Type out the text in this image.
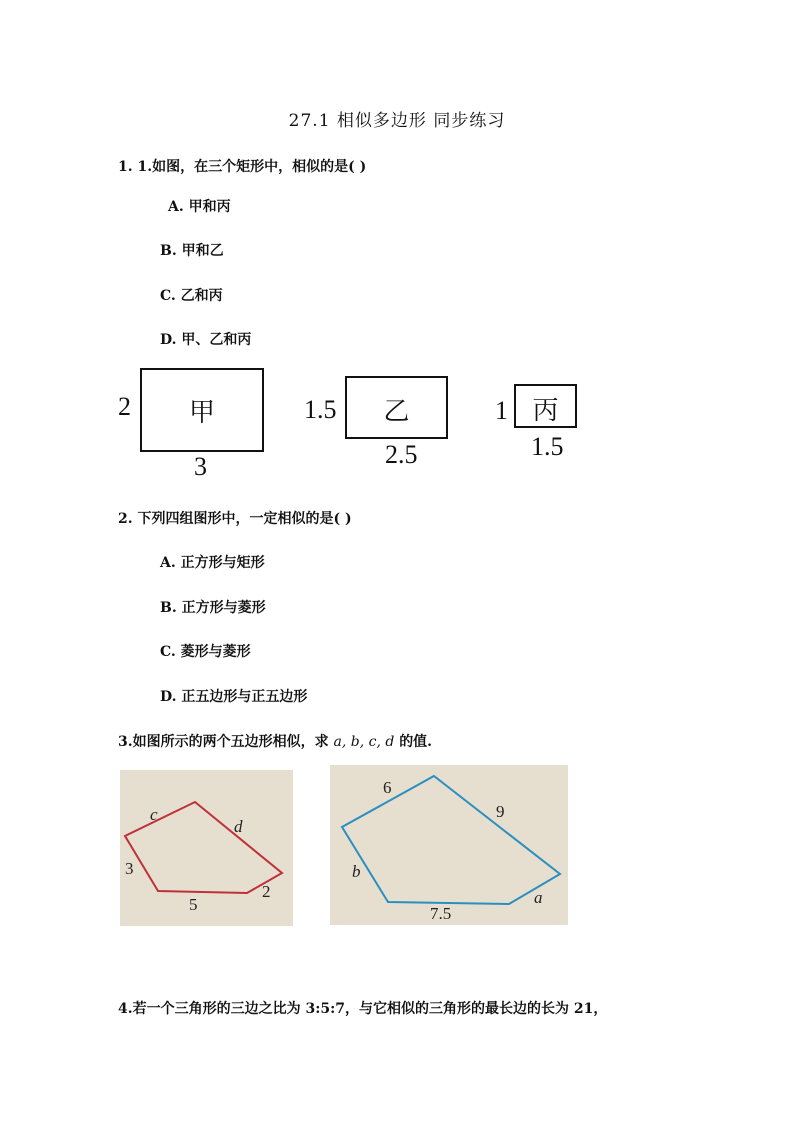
27.1 相似多边形 同步练习
1. 1.如图，在三个矩形中，相似的是( )
A. 甲和丙
B. 甲和乙
C. 乙和丙
D. 甲、乙和丙
甲
2
3
乙
1.5
2.5
丙
1
1.5
2. 下列四组图形中，一定相似的是( )
A. 正方形与矩形
B. 正方形与菱形
C. 菱形与菱形
D. 正五边形与正五边形
3.如图所示的两个五边形相似，求 a, b, c, d 的值.
c
d
3
5
2
6
9
b
a
7.5
4.若一个三角形的三边之比为 3:5:7，与它相似的三角形的最长边的长为 21，
